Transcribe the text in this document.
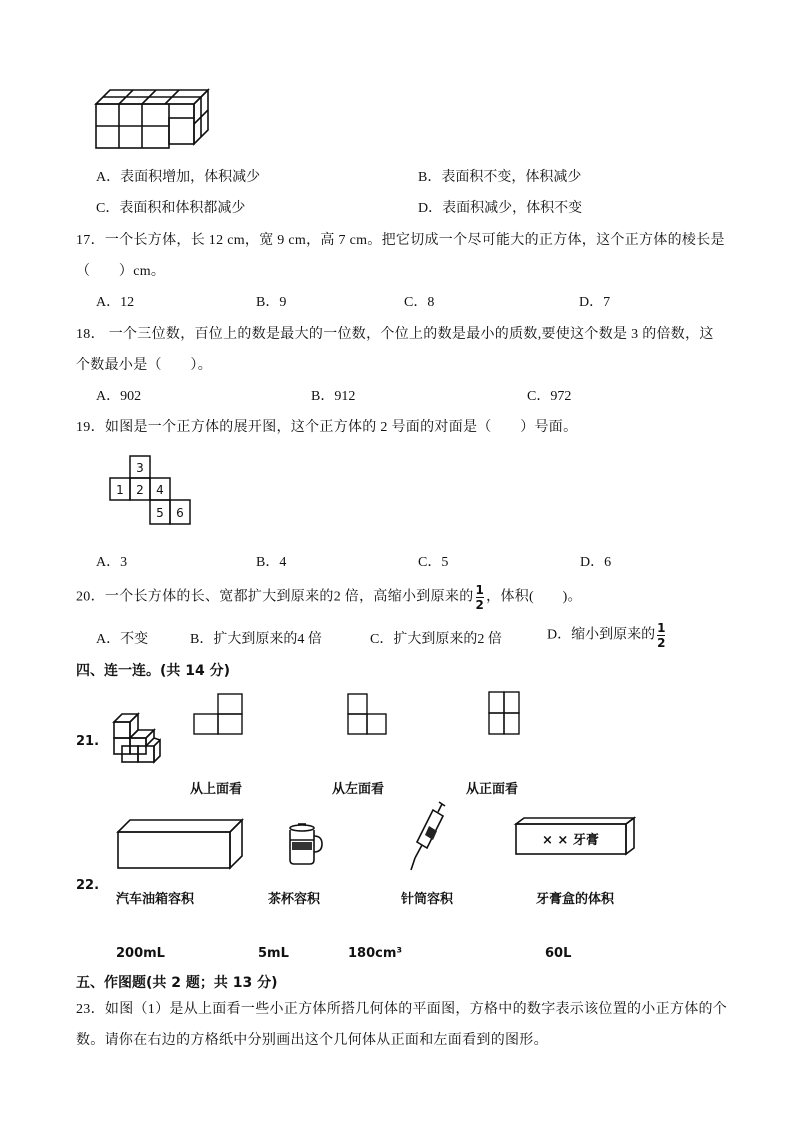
A．表面积增加，体积减少	B．表面积不变，体积减少
C．表面积和体积都减少	D．表面积减少，体积不变
17．一个长方体，长 12 cm，宽 9 cm，高 7 cm。把它切成一个尽可能大的正方体，这个正方体的棱长是
（　　）cm。
A．12	B．9	C．8	D．7
18． 一个三位数，百位上的数是最大的一位数，个位上的数是最小的质数,要使这个数是 3 的倍数，这
个数最小是（　　）。
A．902	B．912	C．972
19．如图是一个正方体的展开图，这个正方体的 2 号面的对面是（　　）号面。
3
1 2 4
5 6
A．3	B．4	C．5	D．6
20．一个长方体的长、宽都扩大到原来的2 倍，高缩小到原来的 $\frac{1}{2}$ ，体积(　　)。
A．不变	B．扩大到原来的4 倍	C．扩大到原来的2 倍	D．缩小到原来的 $\frac{1}{2}$
四、连一连。(共 14 分)
21.
从上面看	从左面看	从正面看
22.
× × 牙膏
汽车油箱容积	茶杯容积	针筒容积	牙膏盒的体积
200mL	5mL	180cm³	60L
五、作图题(共 2 题；共 13 分)
23．如图（1）是从上面看一些小正方体所搭几何体的平面图，方格中的数字表示该位置的小正方体的个
数。请你在右边的方格纸中分别画出这个几何体从正面和左面看到的图形。
